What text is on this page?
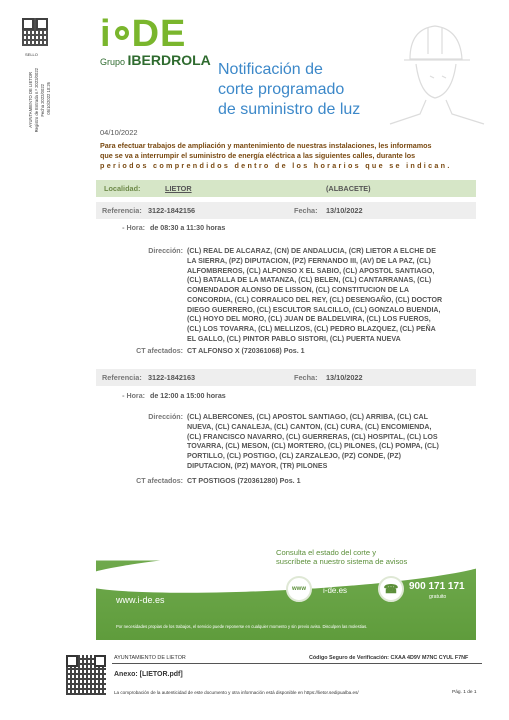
SELLO
AYUNTAMIENTO DE LIETOR Registro de Entrada n.º 2022/0022 Fecha 2022/0022 05/10/2022 10:26
i DE
Grupo IBERDROLA
Notificación de
corte programado
de suministro de luz
04/10/2022
Para efectuar trabajos de ampliación y mantenimiento de nuestras instalaciones, les informamos
que se va a interrumpir el suministro de energía eléctrica a las siguientes calles, durante los
periodos comprendidos dentro de los horarios que se indican.
Localidad:	LIETOR	(ALBACETE)
Referencia: 3122-1842156	Fecha: 13/10/2022
- Hora: de 08:30 a 11:30 horas
Dirección: (CL) REAL DE ALCARAZ, (CN) DE ANDALUCIA, (CR) LIETOR A ELCHE DE
LA SIERRA, (PZ) DIPUTACION, (PZ) FERNANDO III, (AV) DE LA PAZ, (CL)
ALFOMBREROS, (CL) ALFONSO X EL SABIO, (CL) APOSTOL SANTIAGO,
(CL) BATALLA DE LA MATANZA, (CL) BELEN, (CL) CANTARRANAS, (CL)
COMENDADOR ALONSO DE LISSON, (CL) CONSTITUCION DE LA
CONCORDIA, (CL) CORRALICO DEL REY, (CL) DESENGAÑO, (CL) DOCTOR
DIEGO GUERRERO, (CL) ESCULTOR SALCILLO, (CL) GONZALO BUENDIA,
(CL) HOYO DEL MORO, (CL) JUAN DE BALDELVIRA, (CL) LOS FUEROS,
(CL) LOS TOVARRA, (CL) MELLIZOS, (CL) PEDRO BLAZQUEZ, (CL) PEÑA
EL GALLO, (CL) PINTOR PABLO SISTORI, (CL) PUERTA NUEVA
CT afectados: CT ALFONSO X (720361068) Pos. 1
Referencia: 3122-1842163	Fecha: 13/10/2022
- Hora: de 12:00 a 15:00 horas
Dirección: (CL) ALBERCONES, (CL) APOSTOL SANTIAGO, (CL) ARRIBA, (CL) CAL
NUEVA, (CL) CANALEJA, (CL) CANTON, (CL) CURA, (CL) ENCOMIENDA,
(CL) FRANCISCO NAVARRO, (CL) GUERRERAS, (CL) HOSPITAL, (CL) LOS
TOVARRA, (CL) MESON, (CL) MORTERO, (CL) PILONES, (CL) POMPA, (CL)
PORTILLO, (CL) POSTIGO, (CL) ZARZALEJO, (PZ) CONDE, (PZ)
DIPUTACION, (PZ) MAYOR, (TR) PILONES
CT afectados: CT POSTIGOS (720361280) Pos. 1
Consulta el estado del corte y
suscríbete a nuestro sistema de avisos
Trabajamos para mejorar
www.i-de.es
www	i-de.es	☎	900 171 171
gratuito
Por necesidades propias de los trabajos, el servicio puede reponerse en cualquier momento y sin previo aviso. Disculpen las molestias.
AYUNTAMIENTO DE LIETOR	Código Seguro de Verificación: CXAA 4D9V M7NC CYUL F7NF
Anexo: [LIETOR.pdf]
La comprobación de la autenticidad de este documento y otra información está disponible en https://lietor.sedipualba.es/	Pág. 1 de 1
